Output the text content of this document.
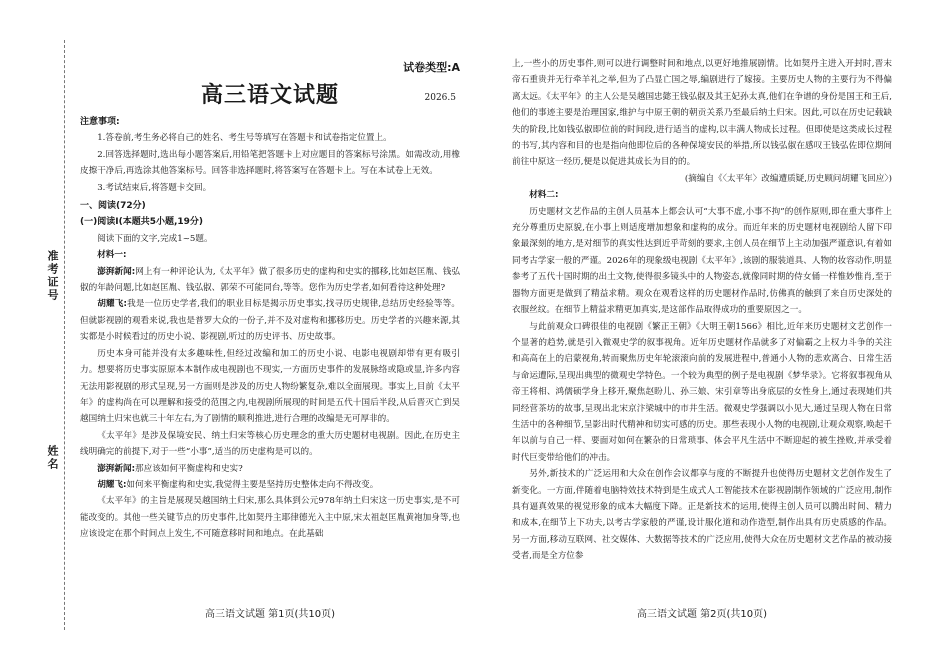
准考证号
姓名
试卷类型:A
高三语文试题	2026.5
注意事项:

1.答卷前,考生务必将自己的姓名、考生号等填写在答题卡和试卷指定位置上。

2.回答选择题时,选出每小题答案后,用铅笔把答题卡上对应题目的答案标号涂黑。如需改动,用橡皮擦干净后,再选涂其他答案标号。回答非选择题时,将答案写在答题卡上。写在本试卷上无效。

3.考试结束后,将答题卡交回。

一、阅读(72分)
(一)阅读Ⅰ(本题共5小题,19分)

阅读下面的文字,完成1~5题。

材料一:

澎湃新闻:网上有一种评论认为,《太平年》做了很多历史的虚构和史实的挪移,比如赵匡胤、钱弘俶的年龄问题,比如赵匡胤、钱弘俶、郭荣不可能同台,等等。您作为历史学者,如何看待这种处理?

胡耀飞:我是一位历史学者,我们的职业目标是揭示历史事实,找寻历史规律,总结历史经验等等。但就影视剧的观看来说,我也是普罗大众的一份子,并不及对虚构和挪移历史。历史学者的兴趣来源,其实都是小时候看过的历史小说、影视剧,听过的历史评书、历史故事。

历史本身可能并没有太多趣味性,但经过改编和加工的历史小说、电影电视剧却带有更有吸引力。想要将历史事实原原本本制作成电视剧也不现实,一方面历史事件的发展脉络或隐或显,许多内容无法用影视剧的形式呈现,另一方面则是涉及的历史人物纷繁复杂,难以全面展现。事实上,目前《太平年》的虚构尚在可以理解和接受的范围之内,电视剧所展现的时间是五代十国后半段,从后晋灭亡到吴越国纳土归宋也就三十年左右,为了剧情的顺利推进,进行合理的改编是无可厚非的。

《太平年》是涉及保境安民、纳土归宋等核心历史理念的重大历史题材电视剧。因此,在历史主线明确完的前提下,对于一些“小事”,适当的历史虚构是可以的。

澎湃新闻:那应该如何平衡虚构和史实?

胡耀飞:如何来平衡虚构和史实,我觉得主要是坚持历史整体走向不得改变。

《太平年》的主旨是展现吴越国纳土归宋,那么具体到公元978年纳土归宋这一历史事实,是不可能改变的。其他一些关键节点的历史事件,比如契丹主耶律德光入主中原,宋太祖赵匡胤黄袍加身等,也应该设定在那个时间点上发生,不可随意移时间和地点。在此基础

上,一些小的历史事件,则可以进行调整时间和地点,以更好地推展剧情。比如契丹主进入开封时,晋末帝石重贵并无行牵羊礼之举,但为了凸显亡国之辱,编剧进行了嫁接。主要历史人物的主要行为不得偏离太远。《太平年》的主人公是吴越国忠懿王钱弘俶及其王妃孙太真,他们在争谱的身份是国王和王后,他们的事迹主要是治理国家,维护与中原王朝的朝贡关系乃至最后纳土归宋。因此,可以在历史记载缺失的阶段,比如钱弘俶即位前的时间段,进行适当的虚构,以丰满人物成长过程。但即使是这类成长过程的书写,其内容和目的也是指向他即位后的各种保境安民的举措,所以钱弘俶在感叹王钱弘佐即位期间前往中原这一经历,便是以促进其成长为目的的。

(摘编自《〈太平年〉改编遭质疑,历史顾问胡耀飞回应〉)

材料二:

历史题材文艺作品的主创人员基本上都会认可“大事不虚,小事不拘”的创作原则,即在重大事件上充分尊重历史原貌,在小事上则适度增加想象和虚构的成分。而近年来的历史题材电视剧给人留下印象最深刻的地方,是对细节的真实性达到近乎苛刻的要求,主创人员在细节上主动加强严谨意识,有着如同考古学家一般的严谨。2026年的现象级电视剧《太平年》,该剧的服装道具、人物的妆容动作,明显参考了五代十国时期的出土文物,使得很多镜头中的人物姿态,就像同时期的侍女俑一样惟妙惟肖,至于器物方面更是做到了精益求精。观众在观看这样的历史题材作品时,仿佛真的触到了来自历史深处的衣服丝纹。在细节上精益求精更加真实,是这部作品取得成功的重要原因之一。

与此前观众口碑很佳的电视剧《繁正王朝》《大明王朝1566》相比,近年来历史题材文艺创作一个显著的趋势,就是引入微观史学的叙事视角。近年历史题材作品就多了对偏霸之上权力斗争的关注和高高在上的启蒙视角,转而聚焦历史年轮滚滚向前的发展进程中,普通小人物的悲欢离合、日常生活与命运遭际,呈现出典型的微观史学特色。一个较为典型的例子是电视剧《梦华录》。它将叙事视角从帝王将相、鸿儒硕学身上移开,聚焦赵盼儿、孙三娘、宋引章等出身底层的女性身上,通过表现她们共同经营茶坊的故事,呈现出北宋京汴梁城中的市井生活。微观史学强调以小见大,通过呈现人物在日常生活中的各种细节,呈影出时代精神和切实可感的历史。那些表现小人物的电视剧,让观众观察,唤起千年以前与自己一样、要面对如何在繁杂的日常琐事、体会平凡生活中不断迎起的被生挫败,并承受着时代巨变带给他们的冲击。

另外,新技术的广泛运用和大众在创作会议都享与度的不断提升也使得历史题材文艺创作发生了新变化。一方面,伴随着电脑特效技术特到是生成式人工智能技术在影视剧制作领域的广泛应用,制作具有逼真效果的视觉形象的成本大幅度下降。正是新技术的运用,使得主创人员可以腾出时间、精力和成本,在细节上下功夫,以考古学家般的严谨,设计服化道和动作造型,制作出具有历史质感的作品。另一方面,移动互联网、社交媒体、大数据等技术的广泛应用,使得大众在历史题材文艺作品的被动接受者,而是全方位参

高三语文试题 第1页(共10页)	高三语文试题 第2页(共10页)
